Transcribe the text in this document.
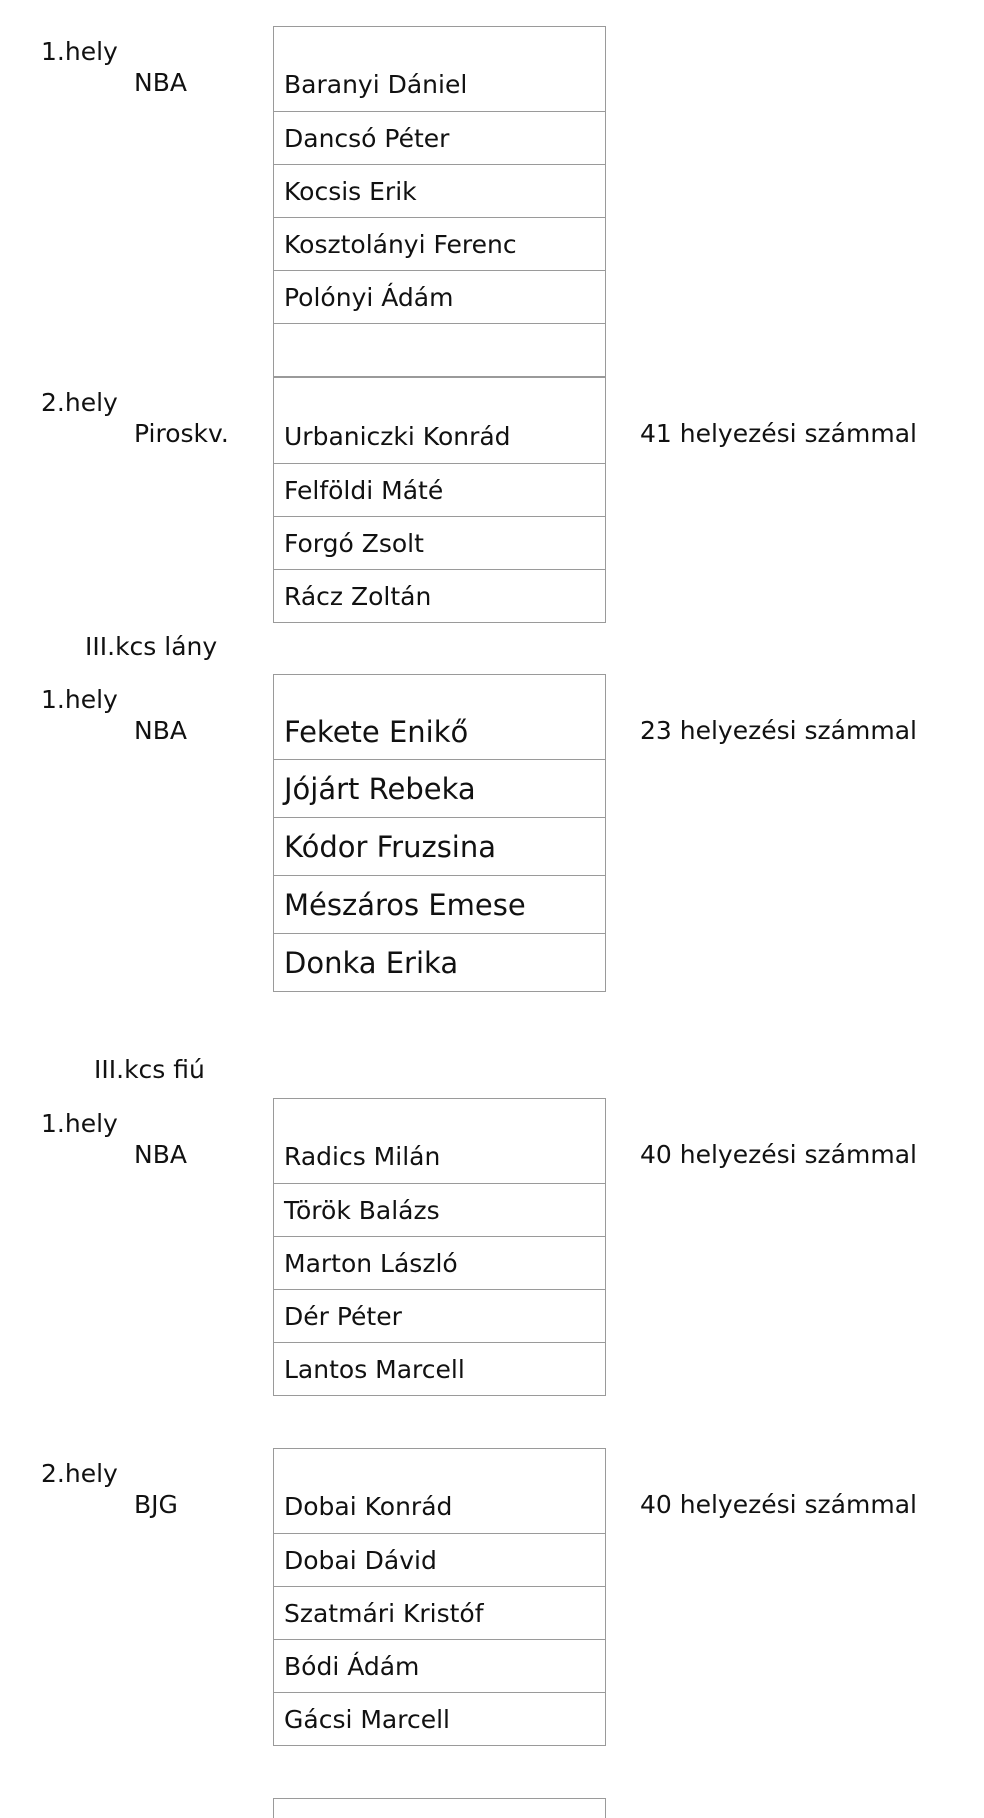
1.hely
NBA	Baranyi Dániel
Dancsó Péter
Kocsis Erik
Kosztolányi Ferenc
Polónyi Ádám
2.hely
Piroskv.	41 helyezési számmal
Urbaniczki Konrád
Felföldi Máté
Forgó Zsolt
Rácz Zoltán
III.kcs lány
1.hely
NBA	23 helyezési számmal
Fekete Enikő
Jójárt Rebeka
Kódor Fruzsina
Mészáros Emese
Donka Erika
III.kcs fiú
1.hely
NBA	40 helyezési számmal
Radics Milán
Török Balázs
Marton László
Dér Péter
Lantos Marcell
2.hely
BJG	40 helyezési számmal
Dobai Konrád
Dobai Dávid
Szatmári Kristóf
Bódi Ádám
Gácsi Marcell
